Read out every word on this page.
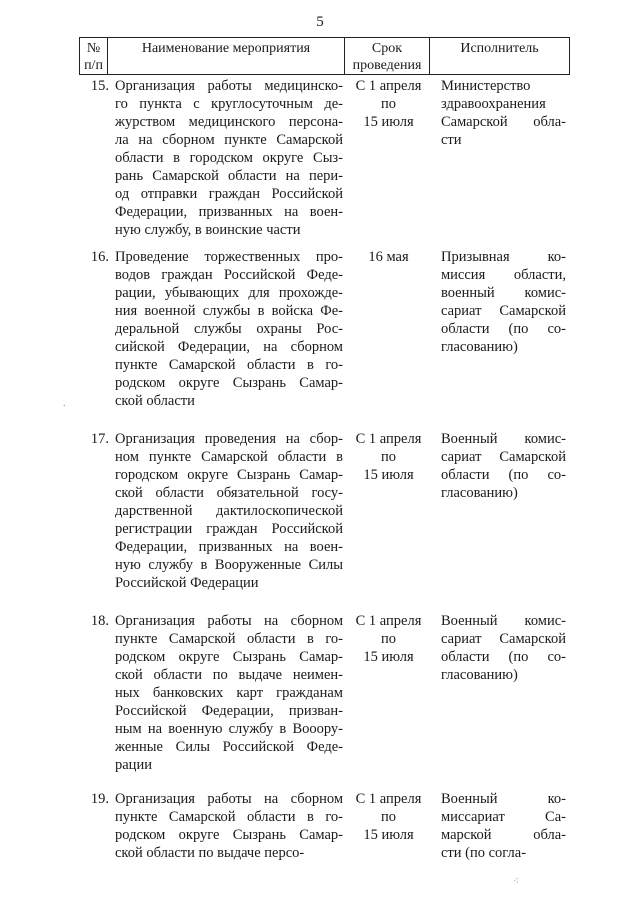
5
№ п/п
Наименование мероприятия	Срок проведения
Исполнитель
15. Организация работы медицинско-
го пункта с круглосуточным де-
журством медицинского персона-
ла на сборном пункте Самарской
области в городском округе Сыз-
рань Самарской области на пери-
од отправки граждан Российской
Федерации, призванных на воен-
ную службу, в воинские части
С 1 апреля
по
15 июля
Министерство
здравоохранения
Самарской обла-
сти
16. Проведение торжественных про-
водов граждан Российской Феде-
рации, убывающих для прохожде-
ния военной службы в войска Фе-
деральной службы охраны Рос-
сийской Федерации, на сборном
пункте Самарской области в го-
родском округе Сызрань Самар-
ской области
16 мая	Призывная ко-
миссия области,
военный комис-
сариат Самарской
области (по со-
гласованию)
17. Организация проведения на сбор-
ном пункте Самарской области в
городском округе Сызрань Самар-
ской области обязательной госу-
дарственной дактилоскопической
регистрации граждан Российской
Федерации, призванных на воен-
ную службу в Вооруженные Силы
Российской Федерации
С 1 апреля
по
15 июля
Военный комис-
сариат Самарской
области (по со-
гласованию)
18. Организация работы на сборном
пункте Самарской области в го-
родском округе Сызрань Самар-
ской области по выдаче неимен-
ных банковских карт гражданам
Российской Федерации, призван-
ным на военную службу в Вооору-
женные Силы Российской Феде-
рации
С 1 апреля
по
15 июля
Военный комис-
сариат Самарской
области (по со-
гласованию)
19. Организация работы на сборном
пункте Самарской области в го-
родском округе Сызрань Самар-
ской области по выдаче персо-
С 1 апреля
по
15 июля
Военный ко-
миссариат Са-
марской обла-
сти (по согла-
.
⁖
